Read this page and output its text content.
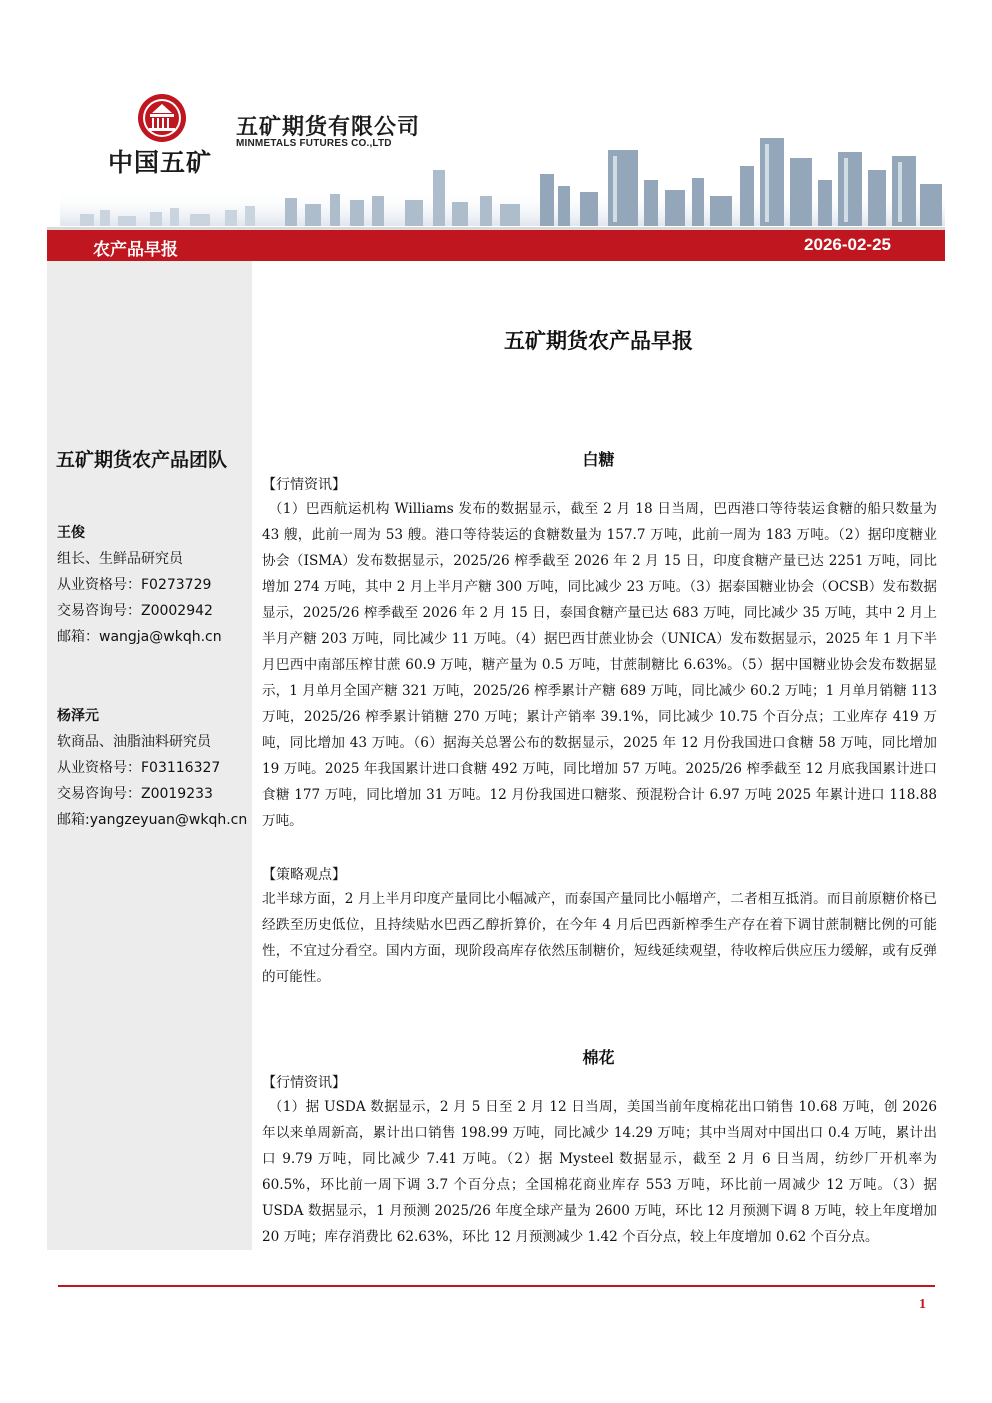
中国五矿
五矿期货有限公司
MINMETALS FUTURES CO.,LTD
农产品早报	2026-02-25
五矿期货农产品团队
王俊
组长、生鲜品研究员
从业资格号：F0273729
交易咨询号：Z0002942
邮箱：wangja@wkqh.cn
杨泽元
软商品、油脂油料研究员
从业资格号：F03116327
交易咨询号：Z0019233
邮箱:yangzeyuan@wkqh.cn
五矿期货农产品早报
白糖
【行情资讯】

（1）巴西航运机构 Williams 发布的数据显示，截至 2 月 18 日当周，巴西港口等待装运食糖的船只数量为 43 艘，此前一周为 53 艘。港口等待装运的食糖数量为 157.7 万吨，此前一周为 183 万吨。（2）据印度糖业协会（ISMA）发布数据显示，2025/26 榨季截至 2026 年 2 月 15 日，印度食糖产量已达 2251 万吨，同比增加 274 万吨，其中 2 月上半月产糖 300 万吨，同比减少 23 万吨。（3）据泰国糖业协会（OCSB）发布数据显示，2025/26 榨季截至 2026 年 2 月 15 日，泰国食糖产量已达 683 万吨，同比减少 35 万吨，其中 2 月上半月产糖 203 万吨，同比减少 11 万吨。（4）据巴西甘蔗业协会（UNICA）发布数据显示，2025 年 1 月下半月巴西中南部压榨甘蔗 60.9 万吨，糖产量为 0.5 万吨，甘蔗制糖比 6.63%。（5）据中国糖业协会发布数据显示，1 月单月全国产糖 321 万吨，2025/26 榨季累计产糖 689 万吨，同比减少 60.2 万吨；1 月单月销糖 113 万吨，2025/26 榨季累计销糖 270 万吨；累计产销率 39.1%，同比减少 10.75 个百分点；工业库存 419 万吨，同比增加 43 万吨。（6）据海关总署公布的数据显示，2025 年 12 月份我国进口食糖 58 万吨，同比增加 19 万吨。2025 年我国累计进口食糖 492 万吨，同比增加 57 万吨。2025/26 榨季截至 12 月底我国累计进口食糖 177 万吨，同比增加 31 万吨。12 月份我国进口糖浆、预混粉合计 6.97 万吨 2025 年累计进口 118.88 万吨。

【策略观点】

北半球方面，2 月上半月印度产量同比小幅减产，而泰国产量同比小幅增产，二者相互抵消。而目前原糖价格已经跌至历史低位，且持续贴水巴西乙醇折算价，在今年 4 月后巴西新榨季生产存在着下调甘蔗制糖比例的可能性，不宜过分看空。国内方面，现阶段高库存依然压制糖价，短线延续观望，待收榨后供应压力缓解，或有反弹的可能性。

棉花
【行情资讯】

（1）据 USDA 数据显示，2 月 5 日至 2 月 12 日当周，美国当前年度棉花出口销售 10.68 万吨，创 2026 年以来单周新高，累计出口销售 198.99 万吨，同比减少 14.29 万吨；其中当周对中国出口 0.4 万吨，累计出口 9.79 万吨，同比减少 7.41 万吨。（2）据 Mysteel 数据显示，截至 2 月 6 日当周，纺纱厂开机率为 60.5%，环比前一周下调 3.7 个百分点；全国棉花商业库存 553 万吨，环比前一周减少 12 万吨。（3）据 USDA 数据显示，1 月预测 2025/26 年度全球产量为 2600 万吨，环比 12 月预测下调 8 万吨，较上年度增加 20 万吨；库存消费比 62.63%，环比 12 月预测减少 1.42 个百分点，较上年度增加 0.62 个百分点。

1
